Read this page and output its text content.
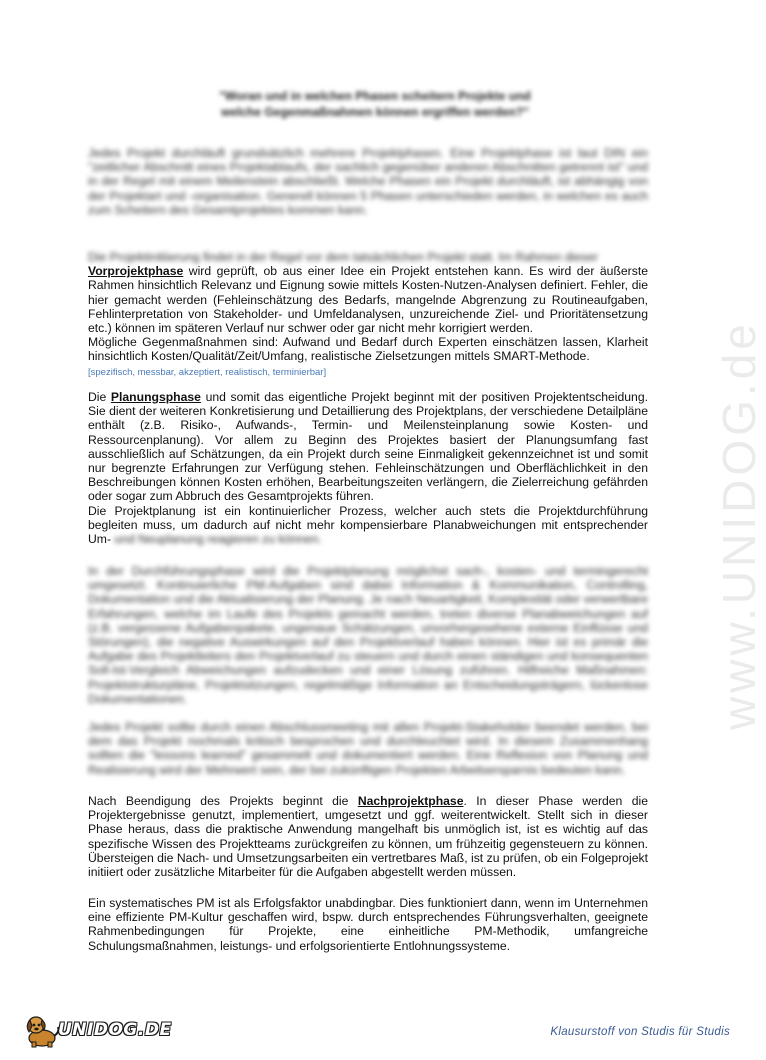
www.UNIDOG.de
"Woran und in welchen Phasen scheitern Projekte und
welche Gegenmaßnahmen können ergriffen werden?"
Jedes Projekt durchläuft grundsätzlich mehrere Projektphasen. Eine Projektphase ist laut DIN ein "zeitlicher Abschnitt eines Projektablaufs, der sachlich gegenüber anderen Abschnitten getrennt ist" und in der Regel mit einem Meilenstein abschließt. Welche Phasen ein Projekt durchläuft, ist abhängig von der Projektart und -organisation. Generell können 5 Phasen unterschieden werden, in welchen es auch zum Scheitern des Gesamtprojektes kommen kann.
Die Projektinitiierung findet in der Regel vor dem tatsächlichen Projekt statt. Im Rahmen dieser
Vorprojektphase wird geprüft, ob aus einer Idee ein Projekt entstehen kann. Es wird der äußerste Rahmen hinsichtlich Relevanz und Eignung sowie mittels Kosten-Nutzen-Analysen definiert. Fehler, die hier gemacht werden (Fehleinschätzung des Bedarfs, mangelnde Abgrenzung zu Routineaufgaben, Fehlinterpretation von Stakeholder- und Umfeldanalysen, unzureichende Ziel- und Prioritätensetzung etc.) können im späteren Verlauf nur schwer oder gar nicht mehr korrigiert werden.
Mögliche Gegenmaßnahmen sind: Aufwand und Bedarf durch Experten einschätzen lassen, Klarheit hinsichtlich Kosten/Qualität/Zeit/Umfang, realistische Zielsetzungen mittels SMART-Methode.
[spezifisch, messbar, akzeptiert, realistisch, terminierbar]
Die Planungsphase und somit das eigentliche Projekt beginnt mit der positiven Projektentscheidung. Sie dient der weiteren Konkretisierung und Detaillierung des Projektplans, der verschiedene Detailpläne enthält (z.B. Risiko-, Aufwands-, Termin- und Meilensteinplanung sowie Kosten- und Ressourcenplanung). Vor allem zu Beginn des Projektes basiert der Planungsumfang fast ausschließlich auf Schätzungen, da ein Projekt durch seine Einmaligkeit gekennzeichnet ist und somit nur begrenzte Erfahrungen zur Verfügung stehen. Fehleinschätzungen und Oberflächlichkeit in den Beschreibungen können Kosten erhöhen, Bearbeitungszeiten verlängern, die Zielerreichung gefährden oder sogar zum Abbruch des Gesamtprojekts führen.
Die Projektplanung ist ein kontinuierlicher Prozess, welcher auch stets die Projektdurchführung begleiten muss, um dadurch auf nicht mehr kompensierbare Planabweichungen mit entsprechender Um- und Neuplanung reagieren zu können.
In der Durchführungsphase wird die Projektplanung möglichst sach-, kosten- und termingerecht umgesetzt. Kontinuierliche PM-Aufgaben sind dabei Information & Kommunikation, Controlling, Dokumentation und die Aktualisierung der Planung. Je nach Neuartigkeit, Komplexität oder verwertbare Erfahrungen, welche im Laufe des Projekts gemacht werden, treten diverse Planabweichungen auf (z.B. vergessene Aufgabenpakete, ungenaue Schätzungen, unvorhergesehene externe Einflüsse und Störungen), die negative Auswirkungen auf den Projektverlauf haben können. Hier ist es primär die Aufgabe des Projektleiters den Projektverlauf zu steuern und durch einen ständigen und konsequenten Soll-Ist-Vergleich Abweichungen aufzudecken und einer Lösung zuführen. Hilfreiche Maßnahmen: Projektstrukturpläne, Projektsitzungen, regelmäßige Information an Entscheidungsträgern, lückenlose Dokumentationen.
Jedes Projekt sollte durch einen Abschlussmeeting mit allen Projekt-Stakeholder beendet werden, bei dem das Projekt nochmals kritisch besprochen und durchleuchtet wird. In diesem Zusammenhang sollten die "lessons learned" gesammelt und dokumentiert werden. Eine Reflexion von Planung und Realisierung wird der Mehrwert sein, der bei zukünftigen Projekten Arbeitsersparnis bedeuten kann.
Nach Beendigung des Projekts beginnt die Nachprojektphase. In dieser Phase werden die Projektergebnisse genutzt, implementiert, umgesetzt und ggf. weiterentwickelt. Stellt sich in dieser Phase heraus, dass die praktische Anwendung mangelhaft bis unmöglich ist, ist es wichtig auf das spezifische Wissen des Projektteams zurückgreifen zu können, um frühzeitig gegensteuern zu können. Übersteigen die Nach- und Umsetzungsarbeiten ein vertretbares Maß, ist zu prüfen, ob ein Folgeprojekt initiiert oder zusätzliche Mitarbeiter für die Aufgaben abgestellt werden müssen.
Ein systematisches PM ist als Erfolgsfaktor unabdingbar. Dies funktioniert dann, wenn im Unternehmen eine effiziente PM-Kultur geschaffen wird, bspw. durch entsprechendes Führungsverhalten, geeignete Rahmenbedingungen für Projekte, eine einheitliche PM-Methodik, umfangreiche Schulungsmaßnahmen, leistungs- und erfolgsorientierte Entlohnungssysteme.
UNIDOG.DE	Klausurstoff von Studis für Studis
